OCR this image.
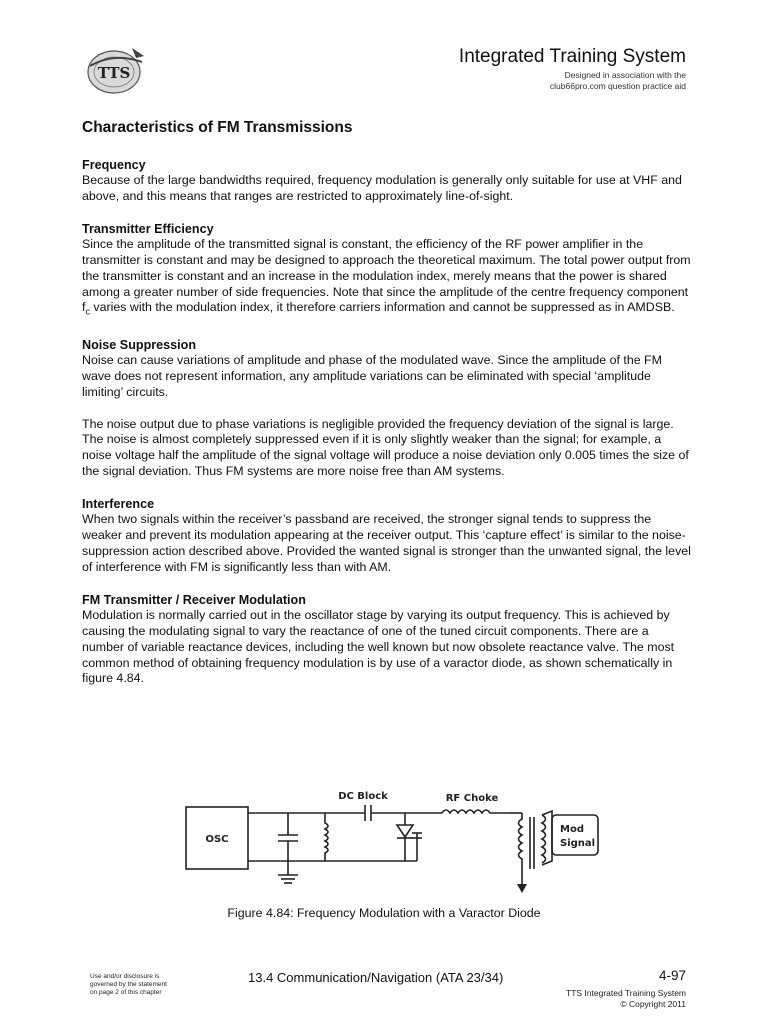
TTS
Integrated Training System
Designed in association with the
club66pro.com question practice aid
Characteristics of FM Transmissions
Frequency

Because of the large bandwidths required, frequency modulation is generally only suitable for use at VHF and above, and this means that ranges are restricted to approximately line-of-sight.

Transmitter Efficiency

Since the amplitude of the transmitted signal is constant, the efficiency of the RF power amplifier in the transmitter is constant and may be designed to approach the theoretical maximum. The total power output from the transmitter is constant and an increase in the modulation index, merely means that the power is shared among a greater number of side frequencies. Note that since the amplitude of the centre frequency component $f_c$ varies with the modulation index, it therefore carriers information and cannot be suppressed as in AMDSB.

Noise Suppression

Noise can cause variations of amplitude and phase of the modulated wave. Since the amplitude of the FM wave does not represent information, any amplitude variations can be eliminated with special ‘amplitude limiting’ circuits.

The noise output due to phase variations is negligible provided the frequency deviation of the signal is large. The noise is almost completely suppressed even if it is only slightly weaker than the signal; for example, a noise voltage half the amplitude of the signal voltage will produce a noise deviation only 0.005 times the size of the signal deviation. Thus FM systems are more noise free than AM systems.

Interference

When two signals within the receiver’s passband are received, the stronger signal tends to suppress the weaker and prevent its modulation appearing at the receiver output. This ‘capture effect’ is similar to the noise-suppression action described above. Provided the wanted signal is stronger than the unwanted signal, the level of interference with FM is significantly less than with AM.

FM Transmitter / Receiver Modulation

Modulation is normally carried out in the oscillator stage by varying its output frequency. This is achieved by causing the modulating signal to vary the reactance of one of the tuned circuit components. There are a number of variable reactance devices, including the well known but now obsolete reactance valve. The most common method of obtaining frequency modulation is by use of a varactor diode, as shown schematically in figure 4.84.

DC Block	RF Choke
OSC
Mod
Signal
Figure 4.84: Frequency Modulation with a Varactor Diode
Use and/or disclosure is
governed by the statement
on page 2 of this chapter
13.4 Communication/Navigation (ATA 23/34)	4-97
TTS Integrated Training System
© Copyright 2011
